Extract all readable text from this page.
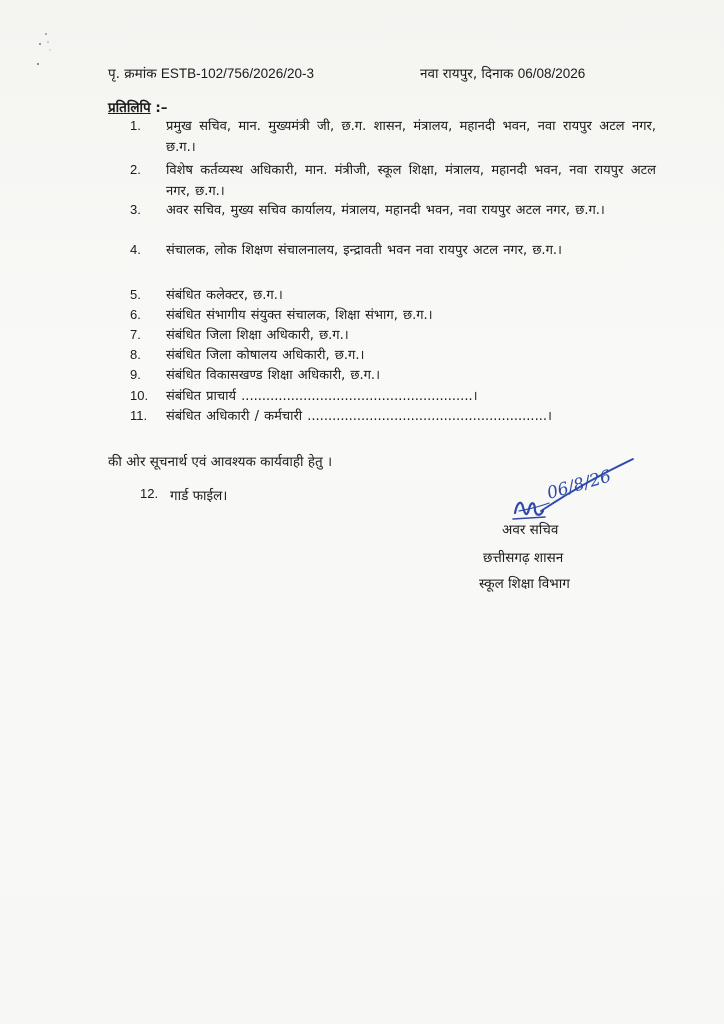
पृ. क्रमांक ESTB-102/756/2026/20-3	नवा रायपुर, दिनाक 06/08/2026
प्रतिलिपि :–
1.	प्रमुख सचिव, मान. मुख्यमंत्री जी, छ.ग. शासन, मंत्रालय, महानदी भवन, नवा रायपुर अटल नगर, छ.ग.।
2.	विशेष कर्तव्यस्थ अधिकारी, मान. मंत्रीजी, स्कूल शिक्षा, मंत्रालय, महानदी भवन, नवा रायपुर अटल नगर, छ.ग.।
3.	अवर सचिव, मुख्य सचिव कार्यालय, मंत्रालय, महानदी भवन, नवा रायपुर अटल नगर, छ.ग.।
4.	संचालक, लोक शिक्षण संचालनालय, इन्द्रावती भवन नवा रायपुर अटल नगर, छ.ग.।
5.	संबंधित कलेक्टर, छ.ग.।
6.	संबंधित संभागीय संयुक्त संचालक, शिक्षा संभाग, छ.ग.।
7.	संबंधित जिला शिक्षा अधिकारी, छ.ग.।
8.	संबंधित जिला कोषालय अधिकारी, छ.ग.।
9.	संबंधित विकासखण्ड शिक्षा अधिकारी, छ.ग.।
10.	संबंधित प्राचार्य ........................................................।
11.	संबंधित अधिकारी / कर्मचारी ..........................................................।
की ओर सूचनार्थ एवं आवश्यक कार्यवाही हेतु ।
12. गार्ड फाईल।	06/8/26
अवर सचिव
छत्तीसगढ़ शासन
स्कूल शिक्षा विभाग
